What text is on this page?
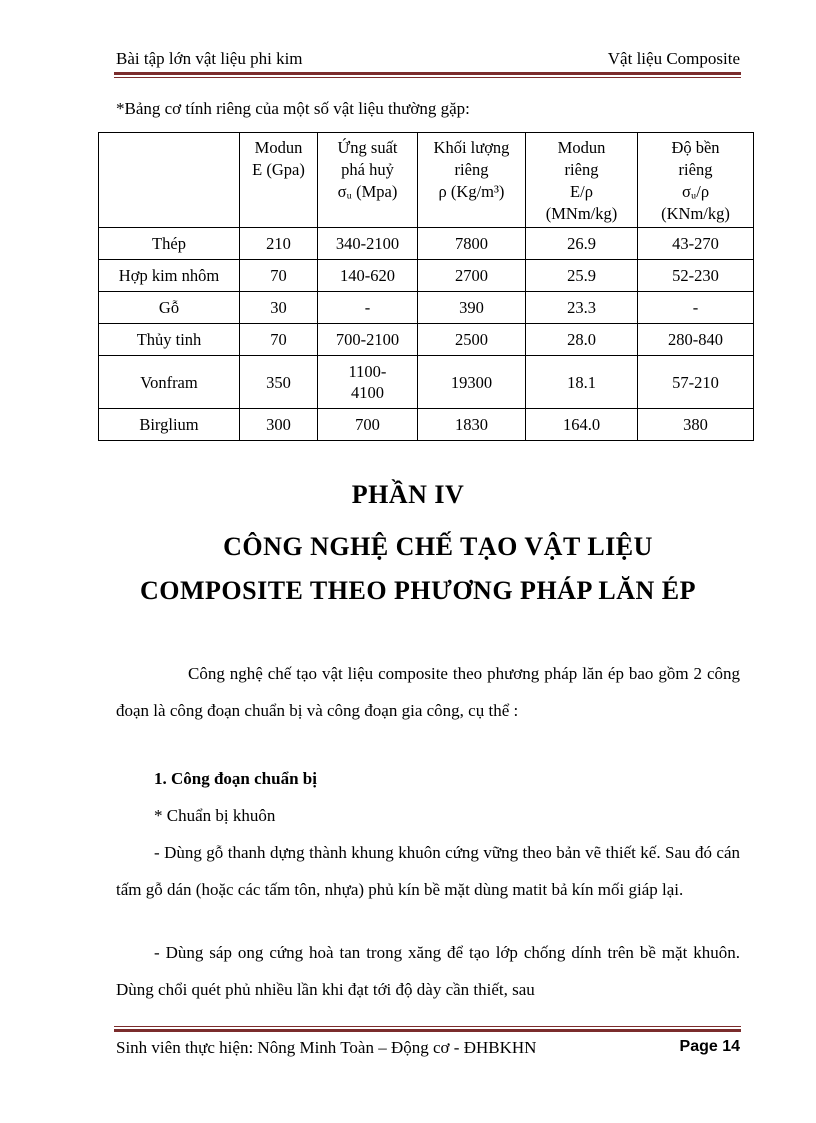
Bài tập lớn vật liệu phi kim	Vật liệu Composite
*Bảng cơ tính riêng của một số vật liệu thường gặp:

	Modun
E (Gpa)	Ứng suất
phá huỷ
σᵤ (Mpa)	Khối lượng
riêng
ρ (Kg/m³)	Modun
riêng
E/ρ
(MNm/kg)	Độ bền
riêng
σᵤ/ρ
(KNm/kg)

Thép	210	340-2100	7800	26.9	43-270
Hợp kim nhôm	70	140-620	2700	25.9	52-230
Gỗ	30	-	390	23.3	-
Thủy tinh	70	700-2100	2500	28.0	280-840
Vonfram	350	1100-
4100	19300	18.1	57-210
Birglium	300	700	1830	164.0	380
PHẦN IV
CÔNG NGHỆ CHẾ TẠO VẬT LIỆU
COMPOSITE THEO PHƯƠNG PHÁP LĂN ÉP
Công nghệ chế tạo vật liệu composite theo phương pháp lăn ép bao gồm 2 công đoạn là công đoạn chuẩn bị và công đoạn gia công, cụ thể :
1. Công đoạn chuẩn bị
* Chuẩn bị khuôn
- Dùng gỗ thanh dựng thành khung khuôn cứng vững theo bản vẽ thiết kế. Sau đó cán tấm gỗ dán (hoặc các tấm tôn, nhựa) phủ kín bề mặt dùng matit bả kín mối giáp lại.
- Dùng sáp ong cứng hoà tan trong xăng để tạo lớp chống dính trên bề mặt khuôn. Dùng chổi quét phủ nhiều lần khi đạt tới độ dày cần thiết, sau
Sinh viên thực hiện: Nông Minh Toàn – Động cơ - ĐHBKHN	Page 14
